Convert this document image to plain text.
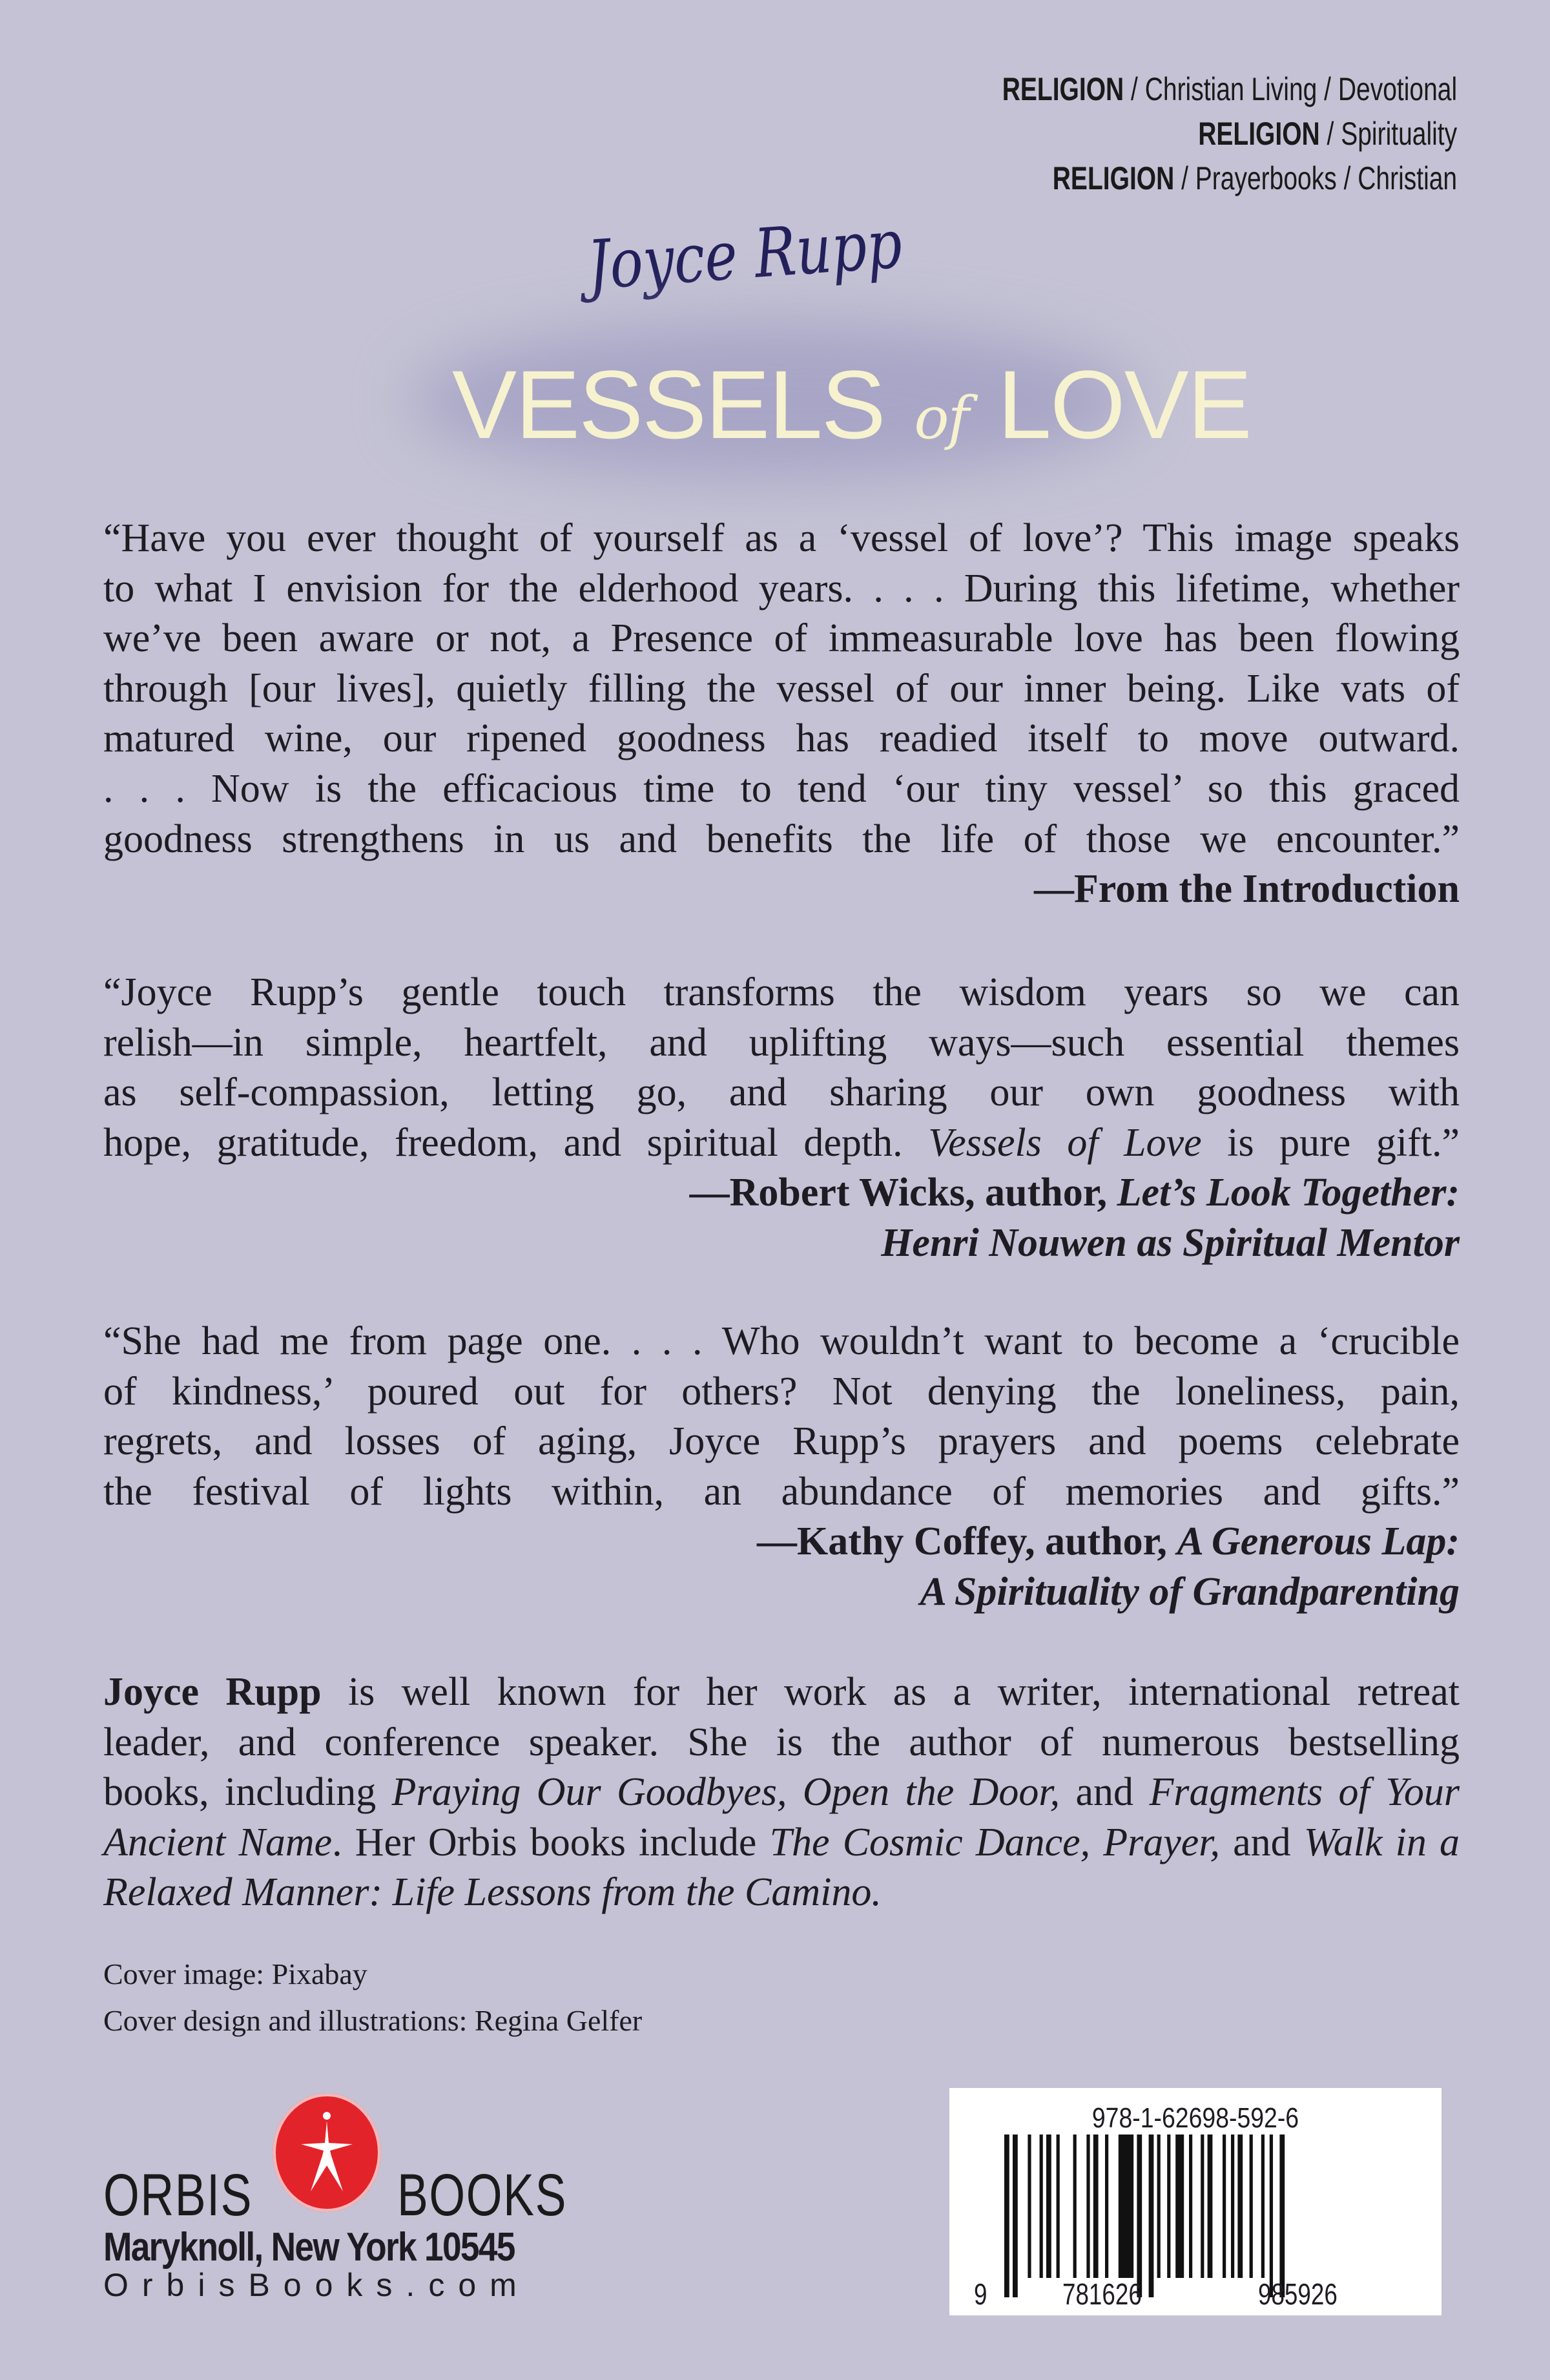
RELIGION / Christian Living / Devotional
RELIGION / Spirituality
RELIGION / Prayerbooks / Christian
Joyce Rupp
VESSELS of LOVE
“Have you ever thought of yourself as a ‘vessel of love’? This image speaks
to what I envision for the elderhood years. . . . During this lifetime, whether
we’ve been aware or not, a Presence of immeasurable love has been flowing
through [our lives], quietly filling the vessel of our inner being. Like vats of
matured wine, our ripened goodness has readied itself to move outward.
. . . Now is the efficacious time to tend ‘our tiny vessel’ so this graced
goodness strengthens in us and benefits the life of those we encounter.”
—From the Introduction
“Joyce Rupp’s gentle touch transforms the wisdom years so we can
relish—in simple, heartfelt, and uplifting ways—such essential themes
as self-compassion, letting go, and sharing our own goodness with
hope, gratitude, freedom, and spiritual depth. Vessels of Love is pure gift.”
—Robert Wicks, author, Let’s Look Together:
Henri Nouwen as Spiritual Mentor
“She had me from page one. . . . Who wouldn’t want to become a ‘crucible
of kindness,’ poured out for others? Not denying the loneliness, pain,
regrets, and losses of aging, Joyce Rupp’s prayers and poems celebrate
the festival of lights within, an abundance of memories and gifts.”
—Kathy Coffey, author, A Generous Lap:
A Spirituality of Grandparenting
Joyce Rupp is well known for her work as a writer, international retreat
leader, and conference speaker. She is the author of numerous bestselling
books, including Praying Our Goodbyes, Open the Door, and Fragments of Your
Ancient Name. Her Orbis books include The Cosmic Dance, Prayer, and Walk in a
Relaxed Manner: Life Lessons from the Camino.
Cover image: Pixabay
Cover design and illustrations: Regina Gelfer
ORBIS BOOKS
Maryknoll, New York 10545
OrbisBooks.com
978-1-62698-592-6
9	781626	985926
